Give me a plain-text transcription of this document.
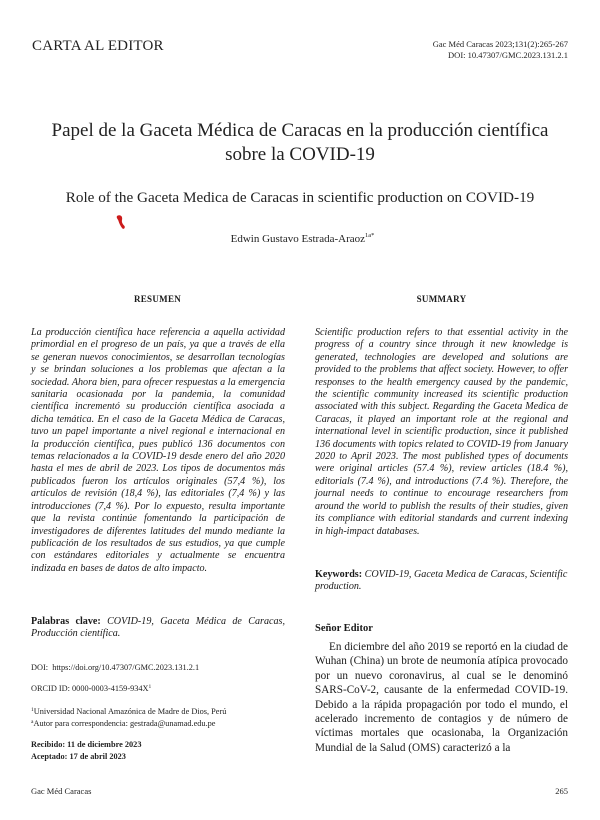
CARTA AL EDITOR	Gac Méd Caracas 2023;131(2):265-267
DOI: 10.47307/GMC.2023.131.2.1
Papel de la Gaceta Médica de Caracas en la producción científica sobre la COVID-19
Role of the Gaceta Medica de Caracas in scientific production on COVID-19
Edwin Gustavo Estrada-Araoz$^{1a*}$
RESUMEN	SUMMARY

La producción científica hace referencia a aquella actividad primordial en el progreso de un país, ya que a través de ella se generan nuevos conocimientos, se desarrollan tecnologías y se brindan soluciones a los problemas que afectan a la sociedad. Ahora bien, para ofrecer respuestas a la emergencia sanitaria ocasionada por la pandemia, la comunidad científica incrementó su producción científica asociada a dicha temática. En el caso de la Gaceta Médica de Caracas, tuvo un papel importante a nivel regional e internacional en la producción científica, pues publicó 136 documentos con temas relacionados a la COVID-19 desde enero del año 2020 hasta el mes de abril de 2023. Los tipos de documentos más publicados fueron los artículos originales (57,4 %), los artículos de revisión (18,4 %), las editoriales (7,4 %) y las introducciones (7,4 %). Por lo expuesto, resulta importante que la revista continúe fomentando la participación de investigadores de diferentes latitudes del mundo mediante la publicación de los resultados de sus estudios, ya que cumple con estándares editoriales y actualmente se encuentra indizada en bases de datos de alto impacto.

Scientific production refers to that essential activity in the progress of a country since through it new knowledge is generated, technologies are developed and solutions are provided to the problems that affect society. However, to offer responses to the health emergency caused by the pandemic, the scientific community increased its scientific production associated with this subject. Regarding the Gaceta Medica de Caracas, it played an important role at the regional and international level in scientific production, since it published 136 documents with topics related to COVID-19 from January 2020 to April 2023. The most published types of documents were original articles (57.4 %), review articles (18.4 %), editorials (7.4 %), and introductions (7.4 %). Therefore, the journal needs to continue to encourage researchers from around the world to publish the results of their studies, given its compliance with editorial standards and current indexing in high-impact databases.

Keywords: COVID-19, Gaceta Medica de Caracas, Scientific production.

Palabras clave: COVID-19, Gaceta Médica de Caracas, Producción científica.

DOI: https://doi.org/10.47307/GMC.2023.131.2.1
ORCID ID: $0000-0003-4159-934X^1$
$^1$Universidad Nacional Amazónica de Madre de Dios, Perú
$^a$Autor para correspondencia: gestrada@unamad.edu.pe
Recibido: 11 de diciembre 2023
Aceptado: 17 de abril 2023
Señor Editor

En diciembre del año 2019 se reportó en la ciudad de Wuhan (China) un brote de neumonía atípica provocado por un nuevo coronavirus, al cual se le denominó SARS-CoV-2, causante de la enfermedad COVID-19. Debido a la rápida propagación por todo el mundo, el acelerado incremento de contagios y de número de víctimas mortales que ocasionaba, la Organización Mundial de la Salud (OMS) caracterizó a la

Gac Méd Caracas	265
